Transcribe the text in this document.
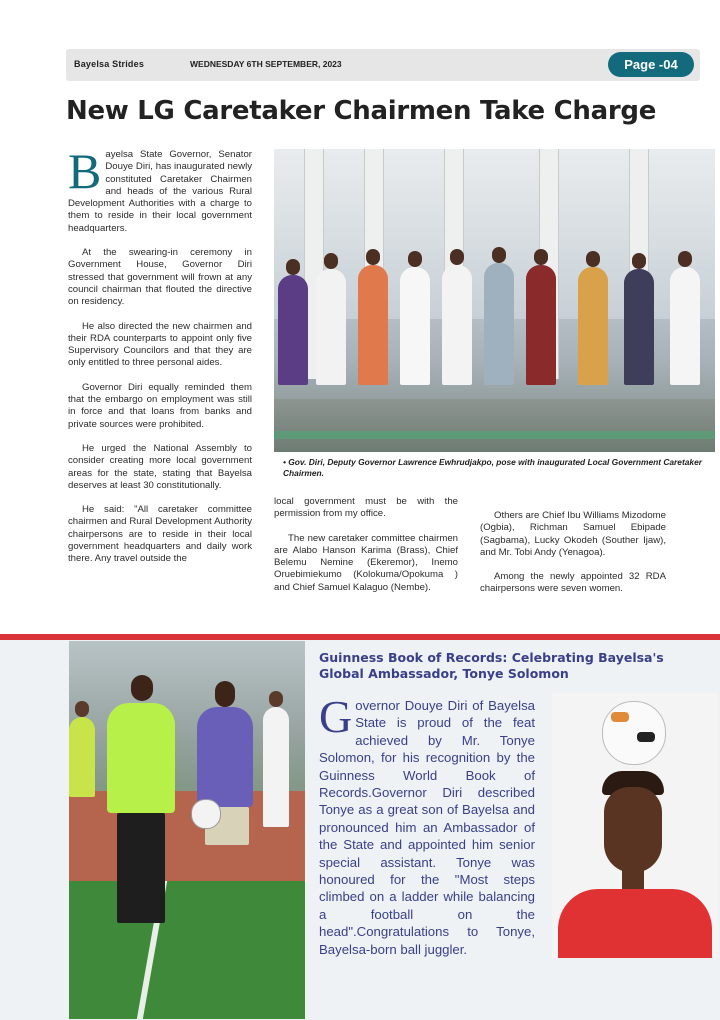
Bayelsa Strides	WEDNESDAY 6TH SEPTEMBER, 2023	Page -04
New LG Caretaker Chairmen Take Charge

Bayelsa State Governor, Senator Douye Diri, has inaugurated newly constituted Caretaker Chairmen and heads of the various Rural Development Authorities with a charge to them to reside in their local government headquarters.

At the swearing-in ceremony in Government House, Governor Diri stressed that government will frown at any council chairman that flouted the directive on residency.

He also directed the new chairmen and their RDA counterparts to appoint only five Supervisory Councilors and that they are only entitled to three personal aides.

Governor Diri equally reminded them that the embargo on employment was still in force and that loans from banks and private sources were prohibited.

He urged the National Assembly to consider creating more local government areas for the state, stating that Bayelsa deserves at least 30 constitutionally.

He said: "All caretaker committee chairmen and Rural Development Authority chairpersons are to reside in their local government headquarters and daily work there. Any travel outside the

• Gov. Diri, Deputy Governor Lawrence Ewhrudjakpo, pose with inaugurated Local Government Caretaker Chairmen.

local government must be with the permission from my office.

The new caretaker committee chairmen are Alabo Hanson Karima (Brass), Chief Belemu Nemine (Ekeremor), Inemo Oruebimiekumo (Kolokuma/Opokuma ) and Chief Samuel Kalaguo (Nembe).

Others are Chief Ibu Williams Mizodome (Ogbia), Richman Samuel Ebipade (Sagbama), Lucky Okodeh (Souther Ijaw), and Mr. Tobi Andy (Yenagoa).

Among the newly appointed 32 RDA chairpersons were seven women.

Guinness Book of Records: Celebrating Bayelsa's Global Ambassador, Tonye Solomon
Governor Douye Diri of Bayelsa State is proud of the feat achieved by Mr. Tonye Solomon, for his recognition by the Guinness World Book of Records.Governor Diri described Tonye as a great son of Bayelsa and pronounced him an Ambassador of the State and appointed him senior special assistant. Tonye was honoured for the "Most steps climbed on a ladder while balancing a football on the head".Congratulations to Tonye, Bayelsa-born ball juggler.
